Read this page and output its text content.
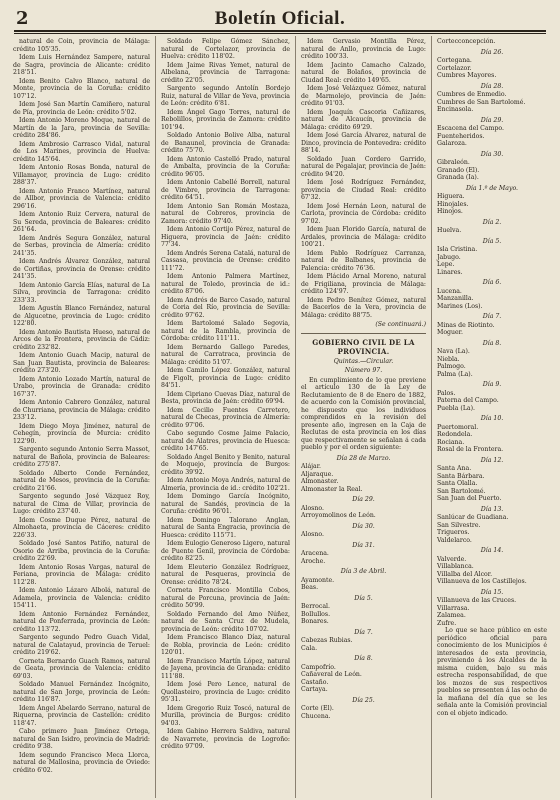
2	Boletín Oficial.

natural de Coin, provincia de Málaga: crédito 105'35.

Idem Luis Hernández Sampere, natural de Sagra, provincia de Alicante: crédito 218'51.

Idem Benito Calvo Blanco, natural de Monte, provincia de la Coruña: crédito 107'12.

Idem José San Martín Camiñero, natural de Pía, provincia de León: crédito 5'02.

Idem Antonio Moreno Moque, natural de Martín de la Jara, provincia de Sevilla: crédito 284'86.

Idem Ambrosio Carrasco Vidal, natural de Los Marines, provincia de Huelva: crédito 145'64.

Idem Antonio Rosas Bonda, natural de Villamayor, provincia de Lugo: crédito 288'37.

Idem Antonio Franco Martínez, natural de Allbor, provincia de Valencia: crédito 296'16.

Idem Antonio Ruiz Cervera, natural de Su Sereda, provincia de Baleares: crédito 261'64.

Idem Andrés Segura González, natural de Serbas, provincia de Almería: crédito 241'35.

Idem Andrés Álvarez González, natural de Cortiñas, provincia de Orense: crédito 241'35.

Idem Antonio García Elías, natural de La Silva, provincia de Tarragona: crédito 233'33.

Idem Agustín Blanco Fernández, natural de Algucetne, provincia de Lugo: crédito 122'80.

Idem Antonio Bautista Hueso, natural de Arcos de la Frontera, provincia de Cádiz: crédito 232'82.

Idem Antonio Guach Macip, natural de San Juan Bautista, provincia de Baleares: crédito 273'20.

Idem Antonio Lozado Martín, natural de Urabo, provincia de Granada: crédito 167'37.

Idem Antonio Cabrero González, natural de Churriana, provincia de Málaga: crédito 233'12.

Idem Diego Moya Jiménez, natural de Cehegín, provincia de Murcia: crédito 122'90.

Sargento segundo Antonio Serra Massot, natural de Bañola, provincia de Baleares: crédito 275'87.

Soldado Alberto Conde Fernández, natural de Mesos, provincia de la Coruña: crédito 21'66.

Sargento segundo José Vázquez Roy, natural de Cima de Villar, provincia de Lugo: crédito 237'40.

Idem Cosme Duque Pérez, natural de Almohaeta, provincia de Cáceres: crédito 226'33.

Soldado José Santos Patiño, natural de Osorio de Arriba, provincia de la Coruña: crédito 22'69.

Idem Antonio Rosas Vargas, natural de Feriana, provincia de Málaga: crédito 112'28.

Idem Antonio Lázaro Albolá, natural de Adamela, provincia de Valencia: crédito 154'11.

Idem Antonio Fernández Fernández, natural de Ponferrada, provincia de León: crédito 113'72.

Sargento segundo Pedro Guach Vidal, natural de Calatayud, provincia de Teruel: crédito 219'62.

Corneta Bernardo Guach Ramos, natural de Geata, provincia de Valencia: crédito 69'03.

Soldado Manuel Fernández Incógnito, natural de San Jorge, provincia de León: crédito 116'87.

Idem Ángel Abelardo Serrano, natural de Riquerna, provincia de Castellón: crédito 118'47.

Cabo primero Juan Jiménez Ortega, natural de San Isidro, provincia de Madrid: crédito 9'38.

Idem segundo Francisco Meca Llorca, natural de Mallosina, provincia de Oviedo: crédito 6'02.

Soldado Felipe Gómez Sánchez, natural de Cortelazor, provincia de Huelva: crédito 118'02.

Idem Jaime Rivas Yemet, natural de Albelana, provincia de Tarragona: crédito 22'05.

Sargento segundo Antolín Bordejo Ruiz, natural de Villar de Yeva, provincia de León: crédito 6'81.

Idem Ángel Gago Torres, natural de Rebolillos, provincia de Zamora: crédito 101'94.

Soldado Antonio Bolive Alba, natural de Banaunel, provincia de Granada: crédito 75'70.

Idem Antonio Castelló Prado, natural de Ambalta, provincia de la Coruña: crédito 96'05.

Idem Antonio Cabellé Borrell, natural de Vimbre, provincia de Tarragona: crédito 64'51.

Idem Antonio San Román Mostaza, natural de Cobreros, provincia de Zamora: crédito 97'40.

Idem Antonio Cortijo Pérez, natural de Higuera, provincia de Jaén: crédito 77'34.

Idem Andrés Serena Catalá, natural de Cassasa, provincia de Orense: crédito 111'72.

Idem Antonio Palmera Martínez, natural de Toledo, provincia de id.: crédito 87'06.

Idem Andrés de Barco Casado, natural de Coria del Río, provincia de Sevilla: crédito 97'62.

Idem Bartolomé Salado Segovia, natural de la Rambla, provincia de Córdoba: crédito 111'11.

Idem Bernardo Gallego Paredes, natural de Carratraca, provincia de Málaga: crédito 51'07.

Idem Camilo López González, natural de Figolt, provincia de Lugo: crédito 84'51.

Idem Cipriano Cuevas Díaz, natural de Besta, provincia de Jaén: crédito 69'94.

Idem Cecilio Fuentes Carretero, natural de Checas, provincia de Almería: crédito 97'06.

Cabo segundo Cosme Jaime Palacio, natural de Alatres, provincia de Huesca: crédito 147'65.

Soldado Ángel Benito y Benito, natural de Moquejo, provincia de Burgos: crédito 39'92.

Idem Antonio Moya Andrés, natural de Almería, provincia de id.: crédito 102'21.

Idem Domingo García Incógnito, natural de Sandés, provincia de la Coruña: crédito 96'01.

Idem Domingo Talorano Anglan, natural de Santa Engracia, provincia de Huesca: crédito 115'71.

Idem Eulogio Generoso Ligero, natural de Puente Genil, provincia de Córdoba: crédito 82'25.

Idem Eleuterio González Rodríguez, natural de Pesqueras, provincia de Orense: crédito 78'24.

Corneta Francisco Montilla Cobos, natural de Porcuna, provincia de Jaén: crédito 50'99.

Soldado Fernando del Amo Núñez, natural de Santa Cruz de Mudela, provincia de León: crédito 107'02.

Idem Francisco Blanco Díaz, natural de Robla, provincia de León: crédito 120'01.

Idem Francisco Martín López, natural de Jayena, provincia de Granada: crédito 111'88.

Idem José Pero Lence, natural de Quollasteiro, provincia de Lugo: crédito 95'31.

Idem Gregorio Ruiz Toscó, natural de Murilla, provincia de Burgos: crédito 94'03.

Idem Gabino Herrera Saldiva, natural de Navarrete, provincia de Logroño: crédito 97'09.

Idem Gervasio Montilla Pérez, natural de Anllo, provincia de Lugo: crédito 100'33.

Idem Jacinto Camacho Calzado, natural de Bolaños, provincia de Ciudad Real: crédito 149'65.

Idem José Velázquez Gómez, natural de Marmolejo, provincia de Jaén: crédito 91'03.

Idem Joaquín Cascoria Cañizares, natural de Alcaucín, provincia de Málaga: crédito 69'29.

Idem José García Álvarez, natural de Dinco, provincia de Pontevedra: crédito 88'14.

Soldado Juan Cordero Garrido, natural de Pegalajar, provincia de Jaén: crédito 94'20.

Idem José Rodríguez Fernández, provincia de Ciudad Real: crédito 67'32.

Idem José Hernán Leon, natural de Carlota, provincia de Córdoba: crédito 97'02.

Idem Juan Florido García, natural de Ardales, provincia de Málaga: crédito 100'21.

Idem Pablo Rodríguez Carranza, natural de Balbanes, provincia de Palencia: crédito 76'36.

Idem Plácido Arnal Moreno, natural de Frigiliana, provincia de Málaga: crédito 124'97.

Idem Pedro Benítez Gómez, natural de Bacerlos de la Vera, provincia de Málaga: crédito 88'75.

(Se continuará.)

GOBIERNO CIVIL DE LA PROVINCIA.

Quintas.—Circular.

Número 97.

En cumplimiento de lo que previene el artículo 130 de la Ley de Reclutamiento de 8 de Enero de 1882, de acuerdo con la Comisión provincial, he dispuesto que los individuos comprendidos en la revisión del presente año, ingresen en la Caja de Reclutas de esta provincia en los días que respectivamente se señalan á cada pueblo y por el orden siguiente:

Día 28 de Marzo.

Alájar.

Aljaraque.

Almonaster.

Almonaster la Real.

Día 29.

Alosno.

Arroyomolinos de León.

Día 30.

Alosno.

Día 31.

Aracena.

Aroche.

Día 3 de Abril.

Ayamonte.

Beas.

Día 5.

Berrocal.

Bollullos.

Bonares.

Día 7.

Cabezas Rubias.

Cala.

Día 8.

Campofrío.

Cañaveral de León.

Castaño.

Cartaya.

Día 25.

Corte (El).

Chucena.

Cortecconcepción.

Día 26.

Cortegana.

Cortelazor.

Cumbres Mayores.

Día 28.

Cumbres de Enmedio.

Cumbres de San Bartolomé.

Encinasola.

Día 29.

Escacena del Campo.

Fuenteheridos.

Galaroza.

Día 30.

Gibraleón.

Granado (El).

Granada (Ia).

Día 1.º de Mayo.

Higuera.

Hinojales.

Hinojos.

Día 2.

Huelva.

Día 5.

Isla Cristina.

Jabugo.

Lepe.

Linares.

Día 6.

Lucena.

Manzanilla.

Marines (Los).

Día 7.

Minas de Riotinto.

Moguer.

Día 8.

Nava (La).

Niebla.

Palmogo.

Palma (La).

Día 9.

Palos.

Paterna del Campo.

Puebla (La).

Día 10.

Puertomoral.

Redondela.

Rociana.

Rosal de la Frontera.

Día 12.

Santa Ana.

Santa Bárbara.

Santa Olalla.

San Bartolomé.

San Juan del Puerto.

Día 13.

Sanlúcar de Guadiana.

San Silvestre.

Trigueros.

Valdelarco.

Día 14.

Valverde.

Villablanca.

Villalba del Alcor.

Villanueva de los Castillejos.

Día 15.

Villanueva de las Cruces.

Villarrasa.

Zalamea.

Zufre.

Lo que se hace público en este periódico oficial para conocimiento de los Municipios é interesados de esta provincia, previniendo á los Alcaldes de la misma cuiden, bajo su más estrecha responsabilidad, de que los mozos de sus respectivos pueblos se presenten á las ocho de la mañana del día que se les señala ante la Comisión provincial con el objeto indicado.
